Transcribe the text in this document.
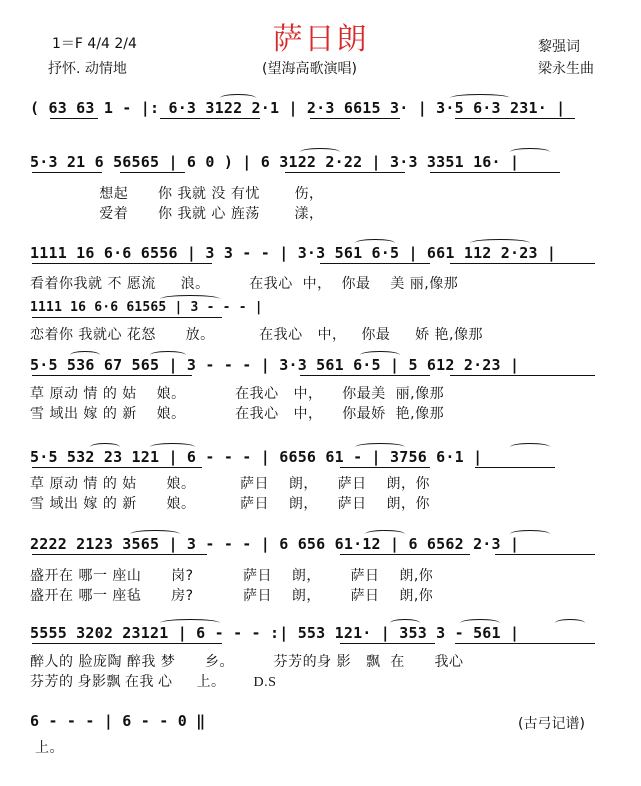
萨日朗
1＝F 4/4 2/4
抒怀. 动情地	(望海高歌演唱)
黎强词
梁永生曲
( 63 63 1 - |: 6·3 3122 2·1 | 2·3 6615 3· | 3·5 6·3 231· |
5·3 21 6 56565 | 6 0 ) | 6 3122 2·22 | 3·3 3351 16· |
想起      你 我就 没 有忧       伤，
爱着      你 我就 心 旌荡       漾，
1111 16 6·6 6556 | 3 3 - - | 3·3 561 6·5 | 661 112 2·23 |
看着你我就 不 愿流     浪。        在我心  中，  你最    美 丽,像那
1111 16 6·6 61565 | 3 - - - |
恋着你 我就心 花怒      放。         在我心   中，   你最     娇 艳,像那
5·5 536 67 565 | 3 - - - | 3·3 561 6·5 | 5 612 2·23 |
草 原动 情 的 姑    娘。          在我心   中，    你最美  丽,像那
雪 域出 嫁 的 新    娘。          在我心   中，    你最娇  艳,像那
5·5 532 23 121 | 6 - - - | 6656 61 - | 3756 6·1 |
草 原动 情 的 姑      娘。         萨日    朗，    萨日    朗，你
雪 域出 嫁 的 新      娘。         萨日    朗，    萨日    朗，你
2222 2123 3565 | 3 - - - | 6 656 61·12 | 6 6562 2·3 |
盛开在 哪一 座山      岗?          萨日    朗，      萨日    朗,你
盛开在 哪一 座毡      房?          萨日    朗，      萨日    朗,你
5555 3202 23121 | 6 - - - :| 553 121· | 353 3 - 561 |
醉人的 脸庞陶 醉我 梦      乡。        芬芳的身 影   飘  在      我心
芬芳的 身影飘 在我 心      上。       D.S
6 - - - | 6 - - 0 ‖
上。
(古弓记谱)
